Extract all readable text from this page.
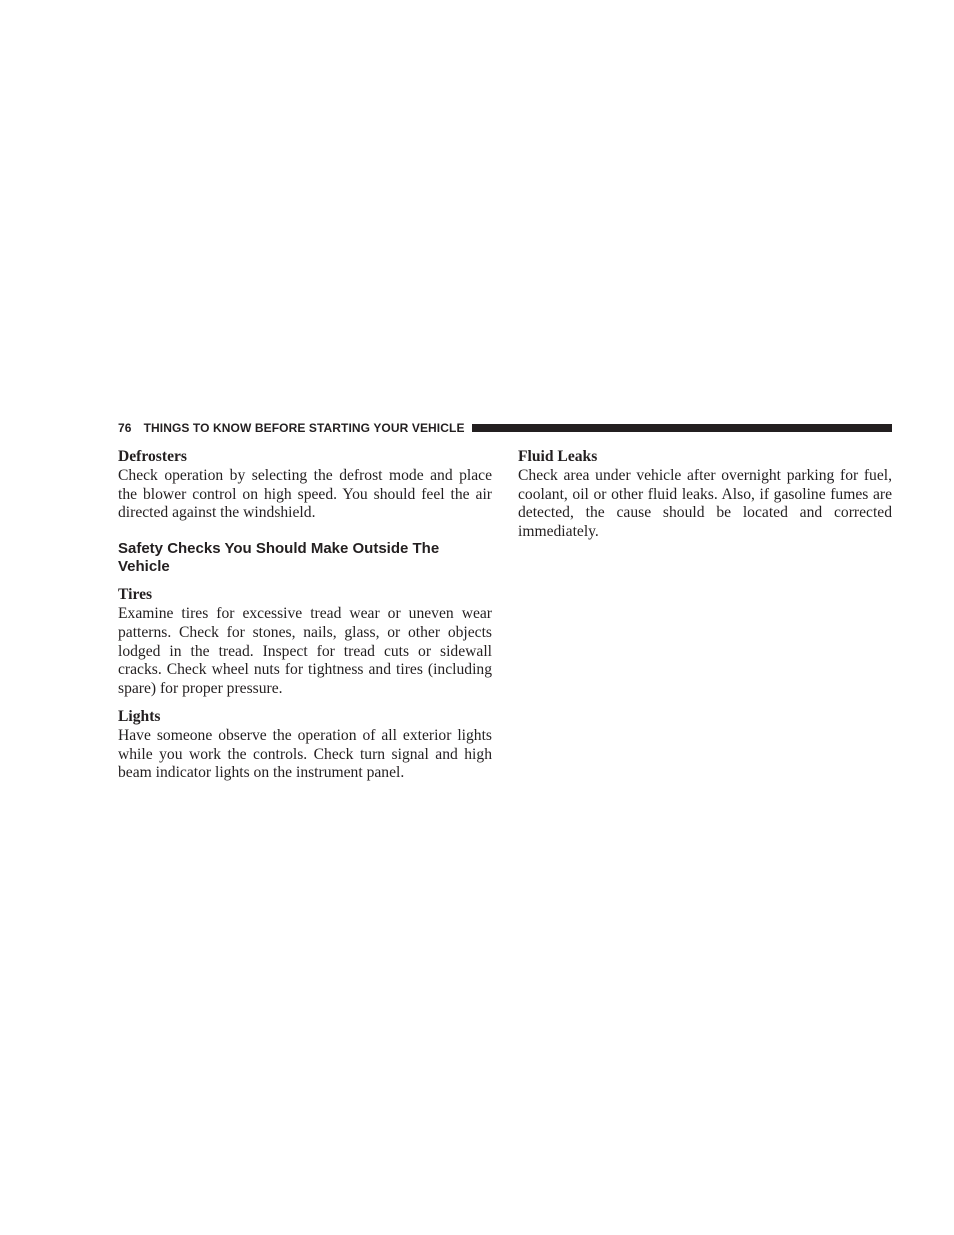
76 THINGS TO KNOW BEFORE STARTING YOUR VEHICLE

Defrosters

Check operation by selecting the defrost mode and place the blower control on high speed. You should feel the air directed against the windshield.

Safety Checks You Should Make Outside The Vehicle

Tires

Examine tires for excessive tread wear or uneven wear patterns. Check for stones, nails, glass, or other objects lodged in the tread. Inspect for tread cuts or sidewall cracks. Check wheel nuts for tightness and tires (including spare) for proper pressure.

Lights

Have someone observe the operation of all exterior lights while you work the controls. Check turn signal and high beam indicator lights on the instrument panel.

Fluid Leaks

Check area under vehicle after overnight parking for fuel, coolant, oil or other fluid leaks. Also, if gasoline fumes are detected, the cause should be located and corrected immediately.
